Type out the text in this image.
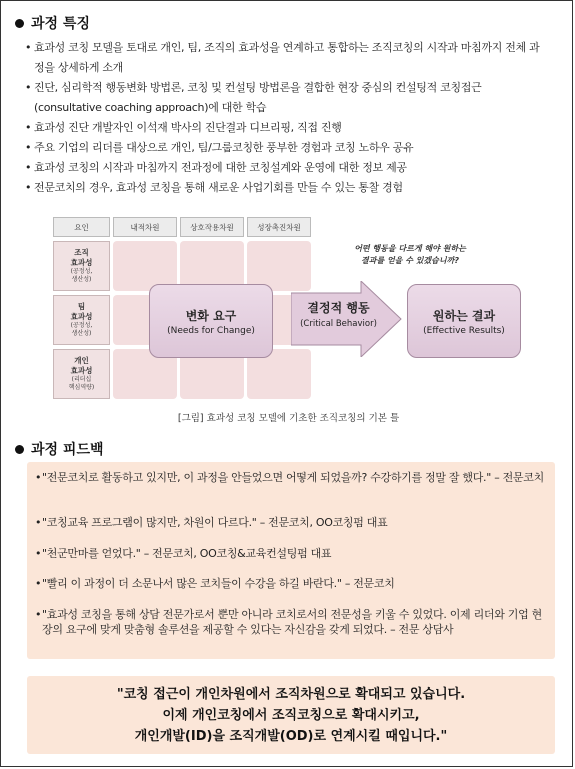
과정 특징
• 효과성 코칭 모델을 토대로 개인, 팀, 조직의 효과성을 연계하고 통합하는 조직코칭의 시작과 마침까지 전체 과정을 상세하게 소개
• 진단, 심리학적 행동변화 방법론, 코칭 및 컨설팅 방법론을 결합한 현장 중심의 컨설팅적 코칭접근(consultative coaching approach)에 대한 학습
• 효과성 진단 개발자인 이석재 박사의 진단결과 디브리핑, 직접 진행
• 주요 기업의 리더를 대상으로 개인, 팀/그룹코칭한 풍부한 경험과 코칭 노하우 공유
• 효과성 코칭의 시작과 마침까지 전과정에 대한 코칭설계와 운영에 대한 정보 제공
• 전문코치의 경우, 효과성 코칭을 통해 새로운 사업기회를 만들 수 있는 통찰 경험
요인	내적차원	상호작용차원	성장촉진차원
조직
효과성
(공정성,
생산성)
팀
효과성
(공정성,
생산성)
개인
효과성
(리더십
핵심역량)
변화 요구
(Needs for Change)
결정적 행동
(Critical Behavior)
어떤 행동을 다르게 해야 원하는
결과를 얻을 수 있겠습니까?
원하는 결과
(Effective Results)
[그림] 효과성 코칭 모델에 기초한 조직코칭의 기본 틀
과정 피드백
• "전문코치로 활동하고 있지만, 이 과정을 안들었으면 어떻게 되었을까? 수강하기를 정말 잘 했다." – 전문코치
• "코칭교육 프로그램이 많지만, 차원이 다르다." – 전문코치, OO코칭펌 대표
• "천군만마를 얻었다." – 전문코치, OO코칭&교육컨설팅펌 대표
• "빨리 이 과정이 더 소문나서 많은 코치들이 수강을 하길 바란다." – 전문코치
• "효과성 코칭을 통해 상담 전문가로서 뿐만 아니라 코치로서의 전문성을 키울 수 있었다. 이제 리더와 기업 현장의 요구에 맞게 맞춤형 솔루션을 제공할 수 있다는 자신감을 갖게 되었다. – 전문 상담사
"코칭 접근이 개인차원에서 조직차원으로 확대되고 있습니다.
이제 개인코칭에서 조직코칭으로 확대시키고,
개인개발(ID)을 조직개발(OD)로 연계시킬 때입니다."
